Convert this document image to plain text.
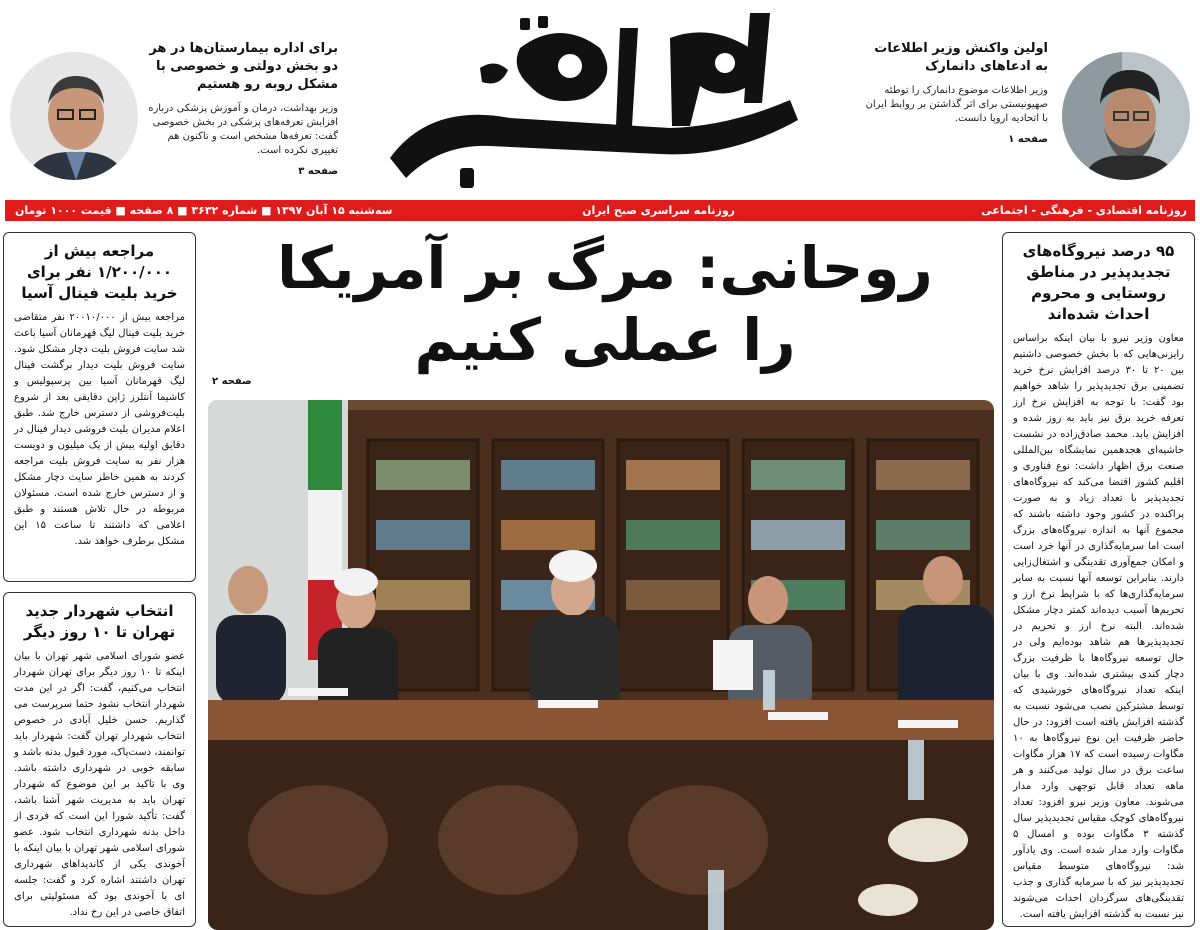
اولین واکنش وزیر اطلاعات به ادعاهای دانمارک

وزیر اطلاعات موضوع دانمارک را توطئه صهیونیستی برای اثر گذاشتن بر روابط ایران با اتحادیه اروپا دانست.

صفحه ۱
برای اداره بیمارستان‌ها در هر دو بخش دولتی و خصوصی با مشکل روبه رو هستیم

وزیر بهداشت، درمان و آموزش پزشکی درباره افزایش تعرفه‌های پزشکی در بخش خصوصی گفت: تعرفه‌ها مشخص است و تاکنون هم تغییری نکرده است.

صفحه ۳
روزنامه اقتصادی - فرهنگی - اجتماعی
روزنامه سراسری صبح ایران
سه‌شنبه ۱۵ آبان ۱۳۹۷ ■ شماره ۳۶۳۲ ■ ۸ صفحه ■ قیمت ۱۰۰۰ تومان
۹۵ درصد نیروگاه‌های تجدیدپذیر در مناطق روستایی و محروم احداث شده‌اند

معاون وزیر نیرو با بیان اینکه براساس رایزنی‌هایی که با بخش خصوصی داشتیم بین ۲۰ تا ۳۰ درصد افزایش نرخ خرید تضمینی برق تجدیدپذیر را شاهد خواهیم بود گفت: با توجه به افزایش نرخ ارز تعرفه خرید برق نیز باید به روز شده و افزایش یابد. محمد صادق‌زاده در نشست حاشیه‌ای هجدهمین نمایشگاه بین‌المللی صنعت برق اظهار داشت: نوع فناوری و اقلیم کشور اقتضا می‌کند که نیروگاه‌های تجدیدپذیر با تعداد زیاد و به صورت پراکنده در کشور وجود داشته باشند که مجموع آنها به اندازه نیروگاه‌های بزرگ است اما سرمایه‌گذاری در آنها خرد است و امکان جمع‌آوری تقدینگی و اشتغال‌زایی دارند. بنابراین توسعه آنها نسبت به سایر سرمایه‌گذاری‌ها که با شرایط نرخ ارز و تحریم‌ها آسیب دیده‌اند کمتر دچار مشکل شده‌اند. البته نرخ ارز و تحریم در تجدیدپذیرها هم شاهد بوده‌ایم ولی در حال توسعه نیروگاه‌ها با ظرفیت بزرگ دچار کندی بیشتری شده‌اند. وی با بیان اینکه تعداد نیروگاه‌های خورشیدی که توسط مشترکین نصب می‌شود نسبت به گذشته افزایش یافته است افزود: در حال حاضر ظرفیت این نوع نیروگاه‌ها به ۱۰ مگاوات رسیده است که ۱۷ هزار مگاوات ساعت برق در سال تولید می‌کنند و هر ماهه تعداد قابل توجهی وارد مدار می‌شوند. معاون وزیر نیرو افزود: تعداد نیروگاه‌های کوچک مقیاس تجدیدپذیر سال گذشته ۳ مگاوات بوده و امسال ۵ مگاوات وارد مدار شده است. وی یادآور شد: نیروگاه‌های متوسط مقیاس تجدیدپذیر نیز که با سرمایه گذاری و جذب تقدینگی‌های سرگردان احداث می‌شوند نیز نسبت به گذشته افزایش یافته است.

مراجعه بیش از ۱/۲۰۰/۰۰۰ نفر برای خرید بلیت فینال آسیا

مراجعه بیش از ۲۰۰۱۰/۰۰۰ نفر متقاضی خرید بلیت فینال لیگ قهرمانان آسیا باعث شد سایت فروش بلیت دچار مشکل شود. سایت فروش بلیت دیدار برگشت فینال لیگ قهرمانان آسیا بین پرسپولیس و کاشیما آنتلرز ژاپن دقایقی بعد از شروع بلیت‌فروشی از دسترس خارج شد. طبق اعلام مدیران بلیت فروشی دیدار فینال در دقایق اولیه بیش از یک میلیون و دویست هزار نفر به سایت فروش بلیت مراجعه کردند به همین خاطر سایت دچار مشکل و از دسترس خارج شده است. مسئولان مربوطه در حال تلاش هستند و طبق اعلامی که داشتند تا ساعت ۱۵ این مشکل برطرف خواهد شد.

انتخاب شهردار جدید تهران تا ۱۰ روز دیگر

عضو شورای اسلامی شهر تهران با بیان اینکه تا ۱۰ روز دیگر برای تهران شهردار انتخاب می‌کنیم، گفت: اگر در این مدت شهردار انتخاب نشود حتما سرپرست می گذاریم. حسن خلیل آبادی در خصوص انتخاب شهردار تهران گفت: شهردار باید توانمند، دست‌پاک، مورد قبول بدنه باشد و سابقه خوبی در شهرداری داشته باشد. وی با تاکید بر این موضوع که شهردار تهران باید به مدیریت شهر آشنا باشد، گفت: تأکید شورا این است که فردی از داخل بدنه شهرداری انتخاب شود. عضو شورای اسلامی شهر تهران با بیان اینکه با آخوندی یکی از کاندیداهای شهرداری تهران داشتند اشاره کرد و گفت: جلسه ای با آخوندی بود که مسئولیتی برای اتفاق خاصی در این رخ نداد.

روحانی: مرگ بر آمریکا
را عملی کنیم
صفحه ۲
